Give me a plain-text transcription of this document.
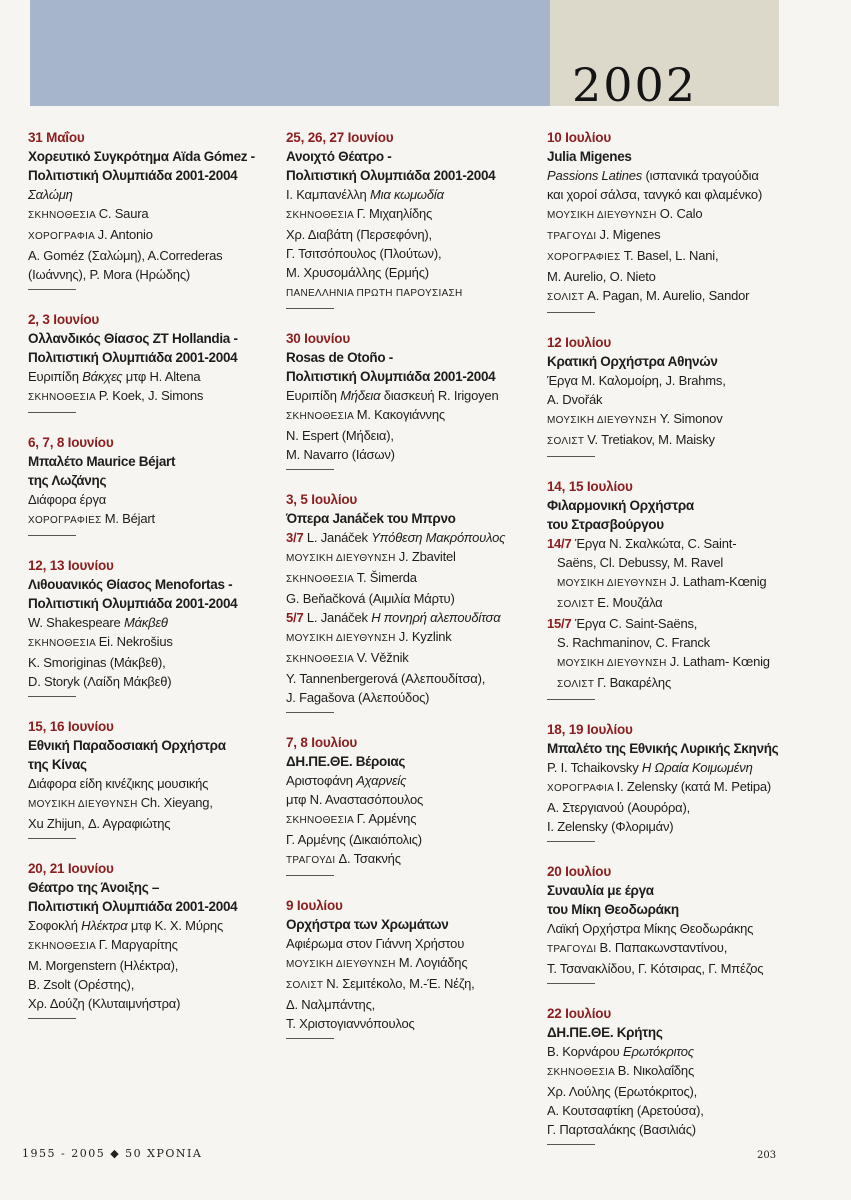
2002
31 Μαΐου
Χορευτικό Συγκρότημα Aïda Gómez -
Πολιτιστική Ολυμπιάδα 2001-2004
Σαλώμη
ΣΚΗΝΟΘΕΣΙΑ C. Saura
ΧΟΡΟΓΡΑΦΙΑ J. Antonio
A. Goméz (Σαλώμη), A.Correderas
(Ιωάννης), P. Mora (Ηρώδης)
2, 3 Ιουνίου
Ολλανδικός Θίασος ΖΤ Hollandia -
Πολιτιστική Ολυμπιάδα 2001-2004
Ευριπίδη Βάκχες μτφ H. Altena
ΣΚΗΝΟΘΕΣΙΑ P. Koek, J. Simons
6, 7, 8 Ιουνίου
Μπαλέτο Maurice Béjart
της Λωζάνης
Διάφορα έργα
ΧΟΡΟΓΡΑΦΙΕΣ M. Béjart
12, 13 Ιουνίου
Λιθουανικός Θίασος Menofortas -
Πολιτιστική Ολυμπιάδα 2001-2004
W. Shakespeare Μάκβεθ
ΣΚΗΝΟΘΕΣΙΑ Ei. Nekrošius
K. Smoriginas (Μάκβεθ),
D. Storyk (Λαίδη Μάκβεθ)
15, 16 Ιουνίου
Εθνική Παραδοσιακή Ορχήστρα
της Κίνας
Διάφορα είδη κινέζικης μουσικής
ΜΟΥΣΙΚΗ ΔΙΕΥΘΥΝΣΗ Ch. Xieyang,
Xu Zhijun, Δ. Αγραφιώτης
20, 21 Ιουνίου
Θέατρο της Άνοιξης –
Πολιτιστική Ολυμπιάδα 2001-2004
Σοφοκλή Ηλέκτρα μτφ Κ. Χ. Μύρης
ΣΚΗΝΟΘΕΣΙΑ Γ. Μαργαρίτης
M. Morgenstern (Ηλέκτρα),
B. Zsolt (Ορέστης),
Χρ. Δούζη (Κλυταιμνήστρα)
25, 26, 27 Ιουνίου
Ανοιχτό Θέατρο -
Πολιτιστική Ολυμπιάδα 2001-2004
Ι. Καμπανέλλη Μια κωμωδία
ΣΚΗΝΟΘΕΣΙΑ Γ. Μιχαηλίδης
Χρ. Διαβάτη (Περσεφόνη),
Γ. Τσιτσόπουλος (Πλούτων),
Μ. Χρυσομάλλης (Ερμής)
ΠΑΝΕΛΛΗΝΙΑ ΠΡΩΤΗ ΠΑΡΟΥΣΙΑΣΗ
30 Ιουνίου
Rosas de Otoño -
Πολιτιστική Ολυμπιάδα 2001-2004
Ευριπίδη Μήδεια διασκευή R. Irigoyen
ΣΚΗΝΟΘΕΣΙΑ Μ. Κακογιάννης
N. Espert (Μήδεια),
M. Navarro (Ιάσων)
3, 5 Ιουλίου
Όπερα Janáček του Μπρνο
3/7 L. Janáček Υπόθεση Μακρόπουλος
ΜΟΥΣΙΚΗ ΔΙΕΥΘΥΝΣΗ J. Zbavitel
ΣΚΗΝΟΘΕΣΙΑ T. Šimerda
G. Beňačková (Αιμιλία Μάρτυ)
5/7 L. Janáček Η πονηρή αλεπουδίτσα
ΜΟΥΣΙΚΗ ΔΙΕΥΘΥΝΣΗ J. Kyzlink
ΣΚΗΝΟΘΕΣΙΑ V. Věžnik
Y. Tannenbergerová (Αλεπουδίτσα),
J. Fagašova (Αλεπούδος)
7, 8 Ιουλίου
ΔΗ.ΠΕ.ΘΕ. Βέροιας
Αριστοφάνη Αχαρνείς
μτφ Ν. Αναστασόπουλος
ΣΚΗΝΟΘΕΣΙΑ Γ. Αρμένης
Γ. Αρμένης (Δικαιόπολις)
ΤΡΑΓΟΥΔΙ Δ. Τσακνής
9 Ιουλίου
Ορχήστρα των Χρωμάτων
Αφιέρωμα στον Γιάννη Χρήστου
ΜΟΥΣΙΚΗ ΔΙΕΥΘΥΝΣΗ Μ. Λογιάδης
ΣΟΛΙΣΤ Ν. Σεμιτέκολο, Μ.-Έ. Νέζη,
Δ. Ναλμπάντης,
Τ. Χριστογιαννόπουλος
10 Ιουλίου
Julia Migenes
Passions Latines (ισπανικά τραγούδια
και χοροί σάλσα, τανγκό και φλαμένκο)
ΜΟΥΣΙΚΗ ΔΙΕΥΘΥΝΣΗ O. Calo
ΤΡΑΓΟΥΔΙ J. Migenes
ΧΟΡΟΓΡΑΦΙΕΣ T. Basel, L. Nani,
M. Aurelio, O. Nieto
ΣΟΛΙΣΤ A. Pagan, M. Aurelio, Sandor
12 Ιουλίου
Κρατική Ορχήστρα Αθηνών
Έργα Μ. Καλομοίρη, J. Brahms,
A. Dvořák
ΜΟΥΣΙΚΗ ΔΙΕΥΘΥΝΣΗ Y. Simonov
ΣΟΛΙΣΤ V. Tretiakov, M. Maisky
14, 15 Ιουλίου
Φιλαρμονική Ορχήστρα
του Στρασβούργου
14/7 Έργα Ν. Σκαλκώτα, C. Saint-
Saëns, Cl. Debussy, M. Ravel
ΜΟΥΣΙΚΗ ΔΙΕΥΘΥΝΣΗ J. Latham-Kœnig
ΣΟΛΙΣΤ Ε. Μουζάλα
15/7 Έργα C. Saint-Saëns,
S. Rachmaninov, C. Franck
ΜΟΥΣΙΚΗ ΔΙΕΥΘΥΝΣΗ J. Latham- Kœnig
ΣΟΛΙΣΤ Γ. Βακαρέλης
18, 19 Ιουλίου
Μπαλέτο της Εθνικής Λυρικής Σκηνής
P. I. Tchaikovsky Η Ωραία Κοιμωμένη
ΧΟΡΟΓΡΑΦΙΑ I. Zelensky (κατά M. Petipa)
Α. Στεργιανού (Αουρόρα),
I. Zelensky (Φλοριμάν)
20 Ιουλίου
Συναυλία με έργα
του Μίκη Θεοδωράκη
Λαϊκή Ορχήστρα Μίκης Θεοδωράκης
ΤΡΑΓΟΥΔΙ Β. Παπακωνσταντίνου,
Τ. Τσανακλίδου, Γ. Κότσιρας, Γ. Μπέζος
22 Ιουλίου
ΔΗ.ΠΕ.ΘΕ. Κρήτης
Β. Κορνάρου Ερωτόκριτος
ΣΚΗΝΟΘΕΣΙΑ Β. Νικολαΐδης
Χρ. Λούλης (Ερωτόκριτος),
Α. Κουτσαφτίκη (Αρετούσα),
Γ. Παρτσαλάκης (Βασιλιάς)
1955 - 2005 ◆ 50 ΧΡΟΝΙΑ	203
